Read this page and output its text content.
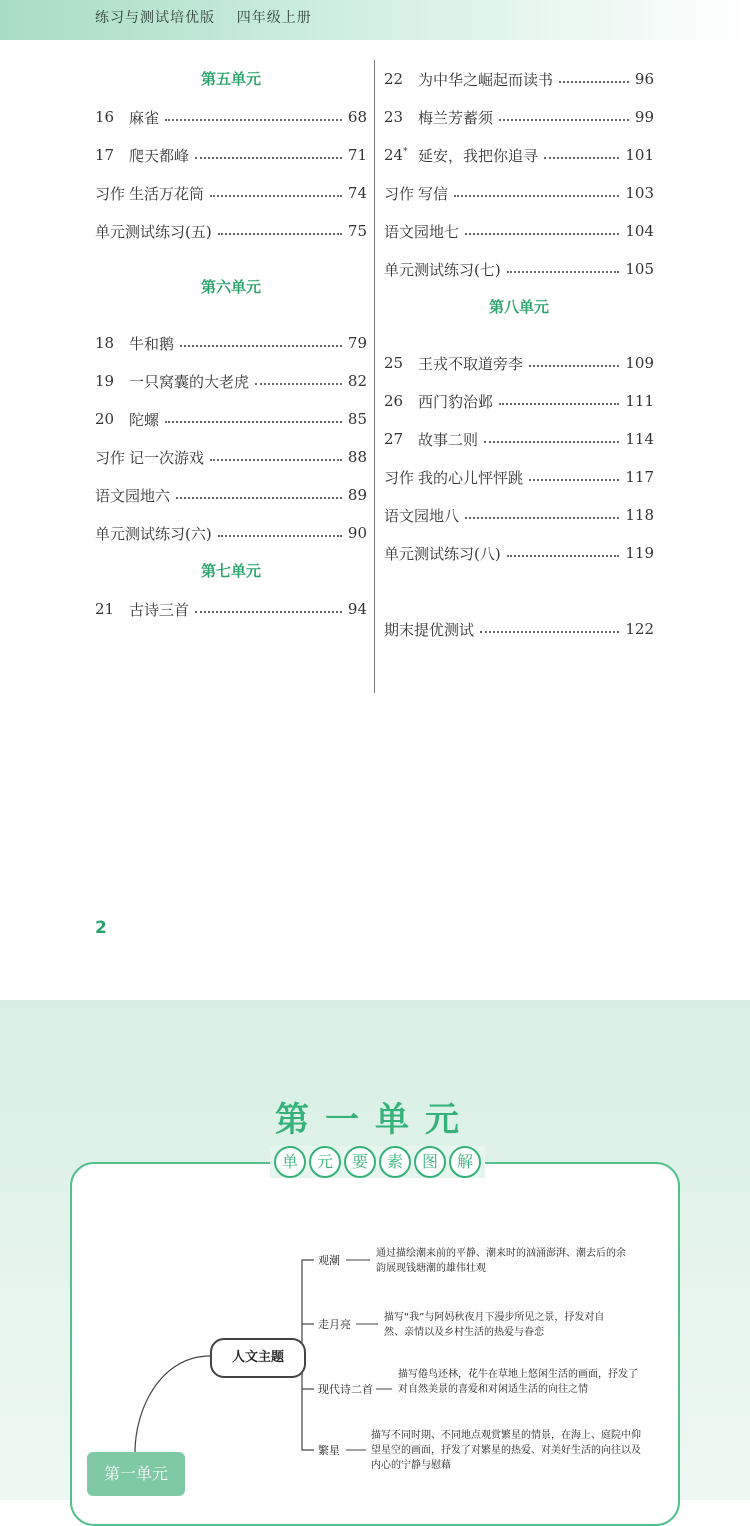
练习与测试培优版    四年级上册
第五单元
16 麻雀	68
17 爬天都峰	71
习作 生活万花筒	74
单元测试练习(五)	75
第六单元
18 牛和鹅	79
19 一只窝囊的大老虎	82
20 陀螺	85
习作 记一次游戏	88
语文园地六	89
单元测试练习(六)	90
第七单元
21 古诗三首	94
22 为中华之崛起而读书	96
23 梅兰芳蓄须	99
24* 延安，我把你追寻	101
习作 写信	103
语文园地七	104
单元测试练习(七)	105
第八单元
25 王戎不取道旁李	109
26 西门豹治邺	111
27 故事二则	114
习作 我的心儿怦怦跳	117
语文园地八	118
单元测试练习(八)	119
期末提优测试	122
2
第一单元
单	元	要	素	图	解
人文主题
第一单元
观潮
通过描绘潮来前的平静、潮来时的汹涌澎湃、潮去后的余韵展现钱塘潮的雄伟壮观
走月亮
描写“我”与阿妈秋夜月下漫步所见之景，抒发对自然、亲情以及乡村生活的热爱与眷恋
现代诗二首
描写倦鸟还林，花牛在草地上悠闲生活的画面，抒发了对自然美景的喜爱和对闲适生活的向往之情
繁星
描写不同时期、不同地点观赏繁星的情景，在海上、庭院中仰望星空的画面，抒发了对繁星的热爱、对美好生活的向往以及内心的宁静与慰藉
